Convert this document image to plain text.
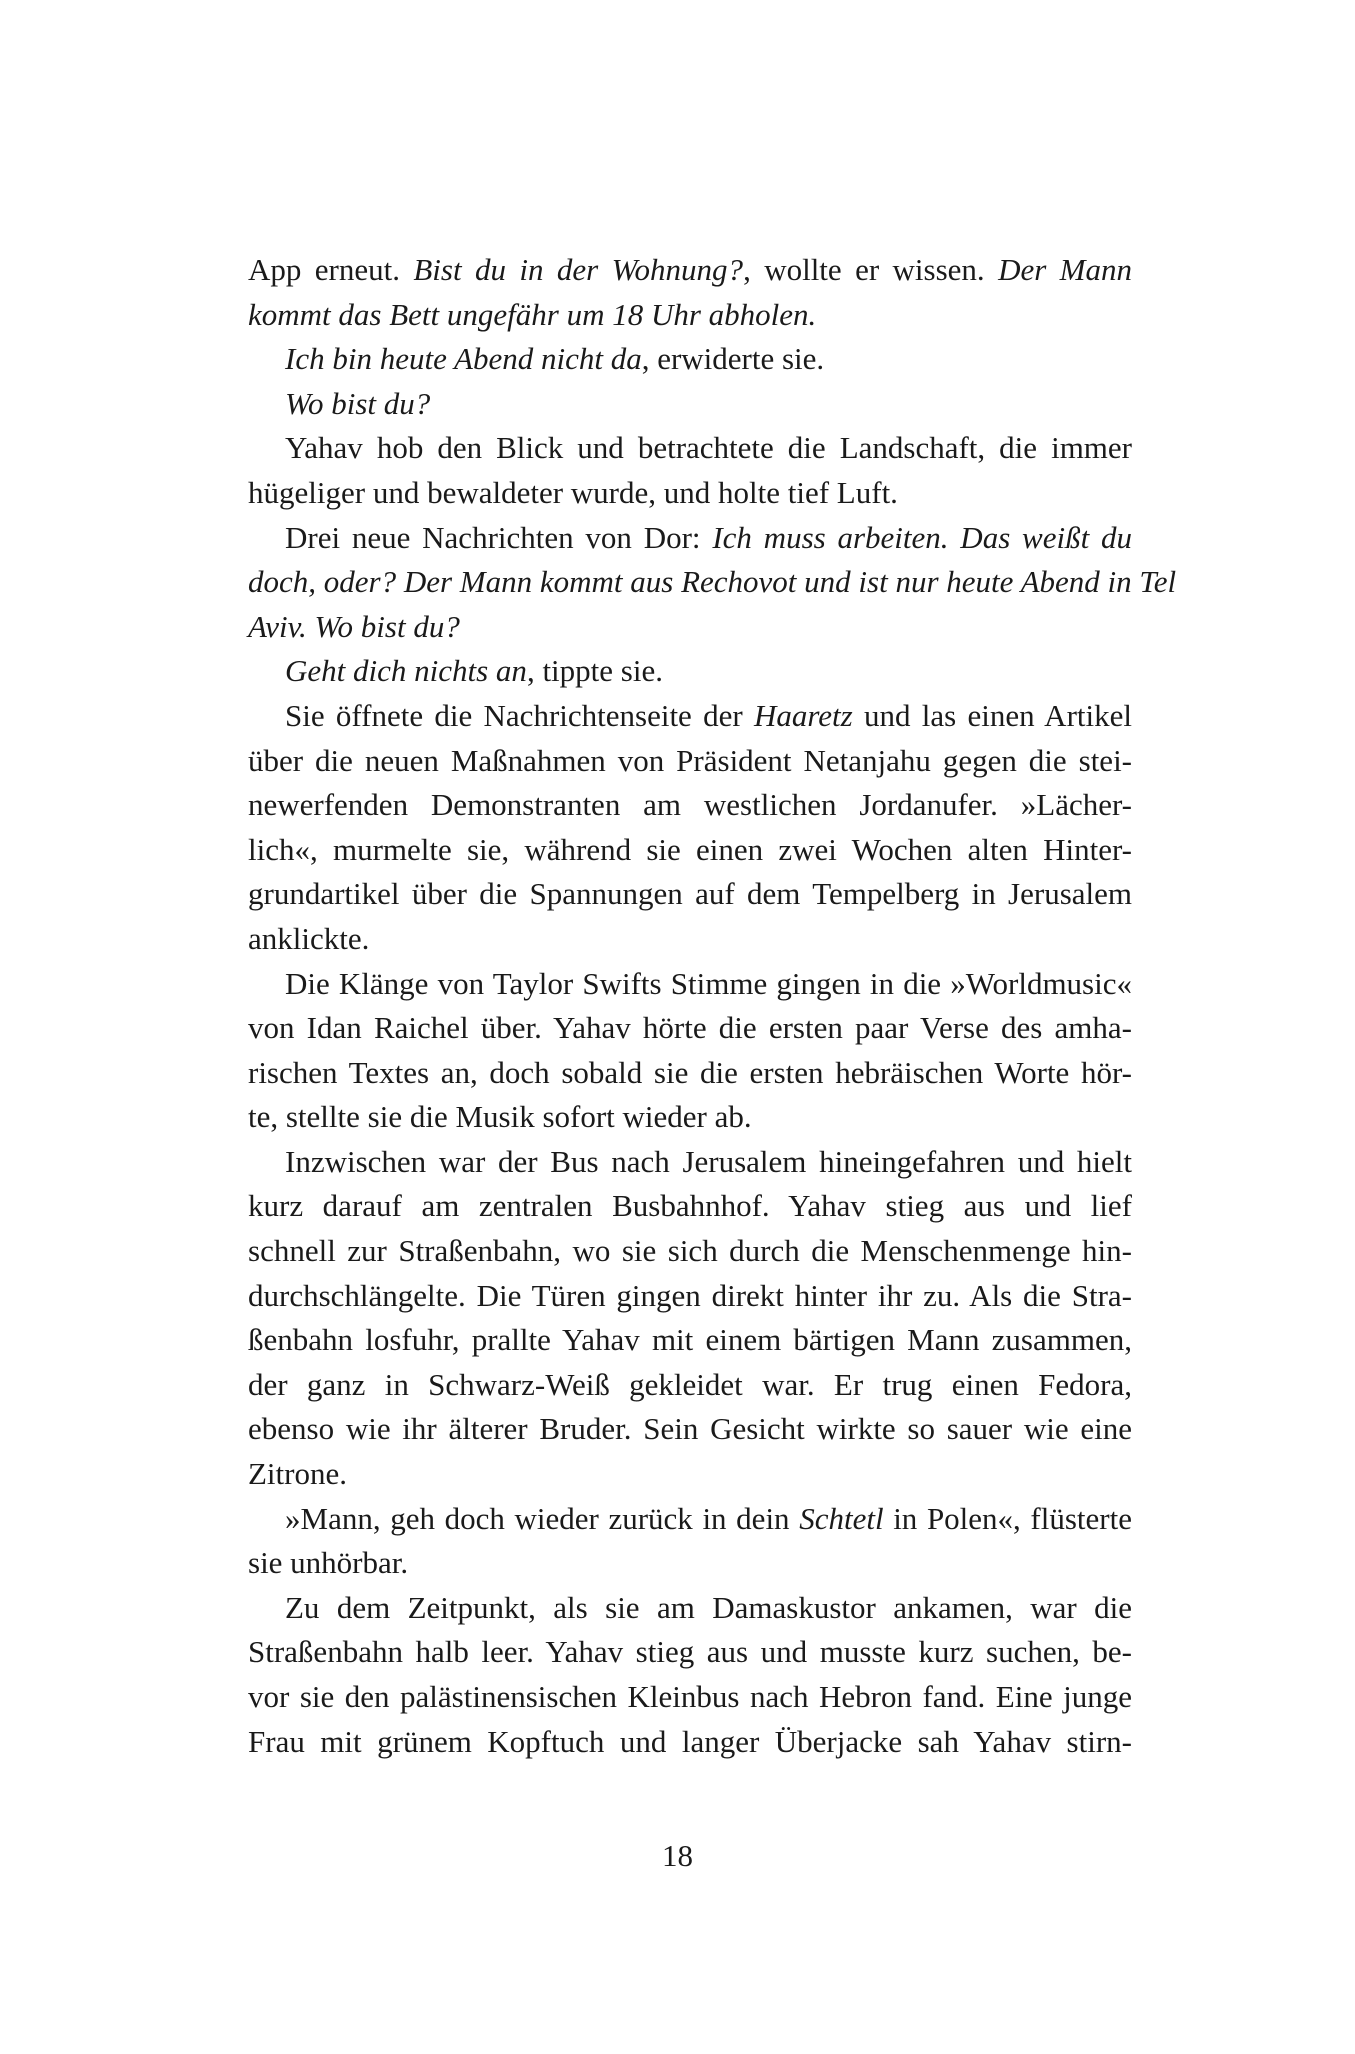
App erneut. Bist du in der Wohnung?, wollte er wissen. Der Mann
kommt das Bett ungefähr um 18 Uhr abholen.
Ich bin heute Abend nicht da, erwiderte sie.
Wo bist du?
Yahav hob den Blick und betrachtete die Landschaft, die immer
hügeliger und bewaldeter wurde, und holte tief Luft.
Drei neue Nachrichten von Dor: Ich muss arbeiten. Das weißt du
doch, oder? Der Mann kommt aus Rechovot und ist nur heute Abend in Tel
Aviv. Wo bist du?
Geht dich nichts an, tippte sie.
Sie öffnete die Nachrichtenseite der Haaretz und las einen Artikel
über die neuen Maßnahmen von Präsident Netanjahu gegen die stei-
newerfenden Demonstranten am westlichen Jordanufer. »Lächer-
lich«, murmelte sie, während sie einen zwei Wochen alten Hinter-
grundartikel über die Spannungen auf dem Tempelberg in Jerusalem
anklickte.
Die Klänge von Taylor Swifts Stimme gingen in die »Worldmusic«
von Idan Raichel über. Yahav hörte die ersten paar Verse des amha-
rischen Textes an, doch sobald sie die ersten hebräischen Worte hör-
te, stellte sie die Musik sofort wieder ab.
Inzwischen war der Bus nach Jerusalem hineingefahren und hielt
kurz darauf am zentralen Busbahnhof. Yahav stieg aus und lief
schnell zur Straßenbahn, wo sie sich durch die Menschenmenge hin-
durchschlängelte. Die Türen gingen direkt hinter ihr zu. Als die Stra-
ßenbahn losfuhr, prallte Yahav mit einem bärtigen Mann zusammen,
der ganz in Schwarz-Weiß gekleidet war. Er trug einen Fedora,
ebenso wie ihr älterer Bruder. Sein Gesicht wirkte so sauer wie eine
Zitrone.
»Mann, geh doch wieder zurück in dein Schtetl in Polen«, flüsterte
sie unhörbar.
Zu dem Zeitpunkt, als sie am Damaskustor ankamen, war die
Straßenbahn halb leer. Yahav stieg aus und musste kurz suchen, be-
vor sie den palästinensischen Kleinbus nach Hebron fand. Eine junge
Frau mit grünem Kopftuch und langer Überjacke sah Yahav stirn-
18
